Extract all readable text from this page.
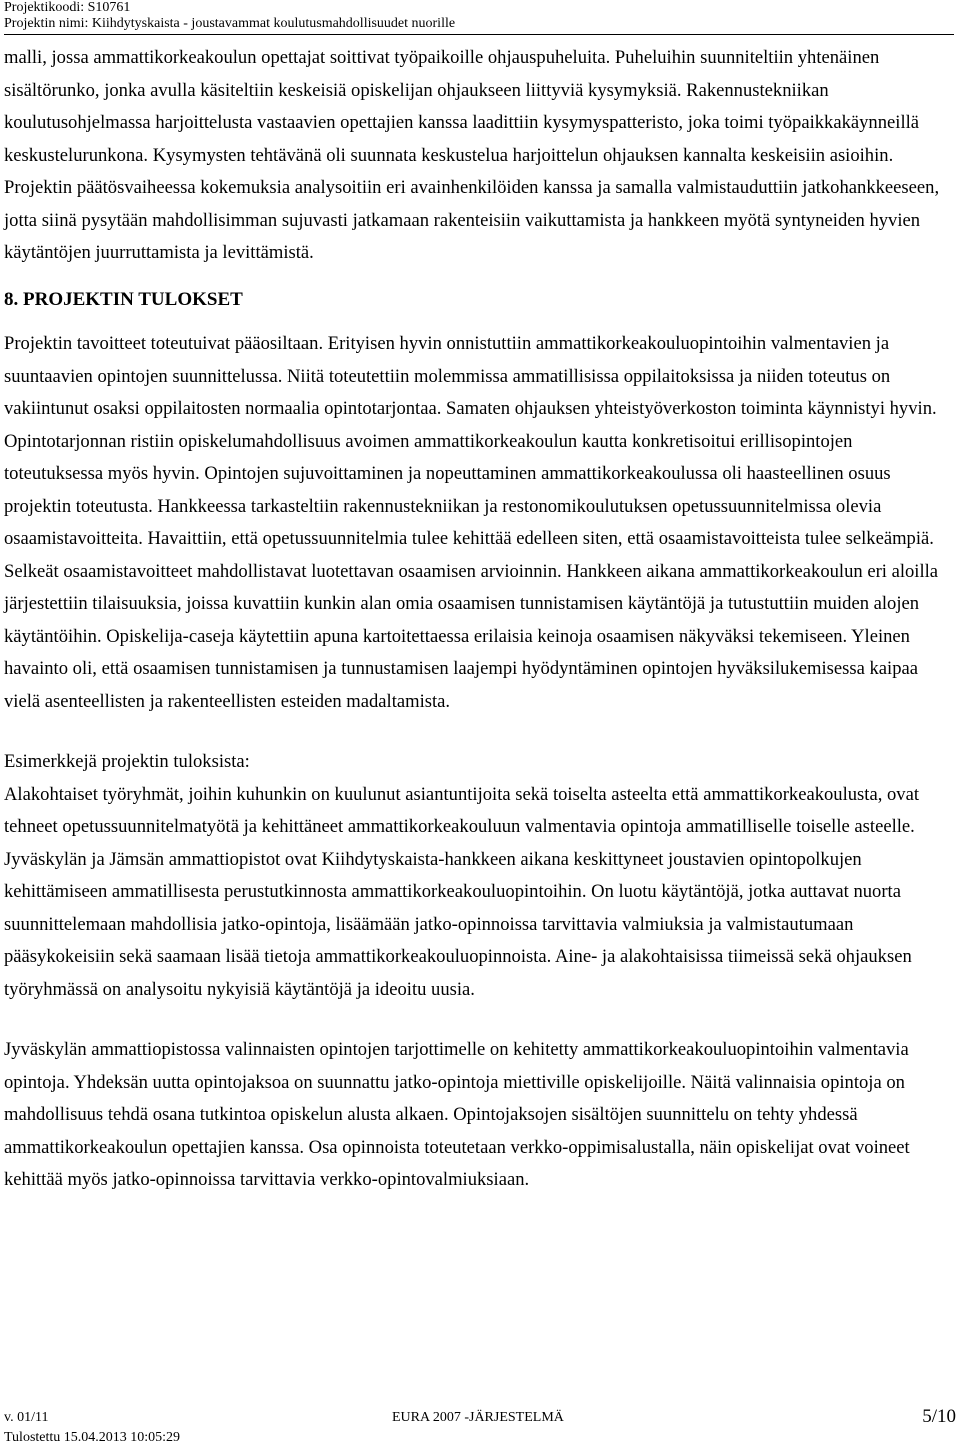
Projektikoodi: S10761
Projektin nimi: Kiihdytyskaista - joustavammat koulutusmahdollisuudet nuorille

malli, jossa ammattikorkeakoulun opettajat soittivat työpaikoille ohjauspuheluita. Puheluihin suunniteltiin yhtenäinen sisältörunko, jonka avulla käsiteltiin keskeisiä opiskelijan ohjaukseen liittyviä kysymyksiä. Rakennustekniikan koulutusohjelmassa harjoittelusta vastaavien opettajien kanssa laadittiin kysymyspatteristo, joka toimi työpaikkakäynneillä keskustelurunkona. Kysymysten tehtävänä oli suunnata keskustelua harjoittelun ohjauksen kannalta keskeisiin asioihin.

Projektin päätösvaiheessa kokemuksia analysoitiin eri avainhenkilöiden kanssa ja samalla valmistauduttiin jatkohankkeeseen, jotta siinä pysytään mahdollisimman sujuvasti jatkamaan rakenteisiin vaikuttamista ja hankkeen myötä syntyneiden hyvien käytäntöjen juurruttamista ja levittämistä.

8. PROJEKTIN TULOKSET

Projektin tavoitteet toteutuivat pääosiltaan. Erityisen hyvin onnistuttiin ammattikorkeakouluopintoihin valmentavien ja suuntaavien opintojen suunnittelussa. Niitä toteutettiin molemmissa ammatillisissa oppilaitoksissa ja niiden toteutus on vakiintunut osaksi oppilaitosten normaalia opintotarjontaa. Samaten ohjauksen yhteistyöverkoston toiminta käynnistyi hyvin. Opintotarjonnan ristiin opiskelumahdollisuus avoimen ammattikorkeakoulun kautta konkretisoitui erillisopintojen toteutuksessa myös hyvin. Opintojen sujuvoittaminen ja nopeuttaminen ammattikorkeakoulussa oli haasteellinen osuus projektin toteutusta. Hankkeessa tarkasteltiin rakennustekniikan ja restonomikoulutuksen opetussuunnitelmissa olevia osaamistavoitteita. Havaittiin, että opetussuunnitelmia tulee kehittää edelleen siten, että osaamistavoitteista tulee selkeämpiä. Selkeät osaamistavoitteet mahdollistavat luotettavan osaamisen arvioinnin. Hankkeen aikana ammattikorkeakoulun eri aloilla järjestettiin tilaisuuksia, joissa kuvattiin kunkin alan omia osaamisen tunnistamisen käytäntöjä ja tutustuttiin muiden alojen käytäntöihin. Opiskelija-caseja käytettiin apuna kartoitettaessa erilaisia keinoja osaamisen näkyväksi tekemiseen. Yleinen havainto oli, että osaamisen tunnistamisen ja tunnustamisen laajempi hyödyntäminen opintojen hyväksilukemisessa kaipaa vielä asenteellisten ja rakenteellisten esteiden madaltamista.

Esimerkkejä projektin tuloksista:

Alakohtaiset työryhmät, joihin kuhunkin on kuulunut asiantuntijoita sekä toiselta asteelta että ammattikorkeakoulusta, ovat tehneet opetussuunnitelmatyötä ja kehittäneet ammattikorkeakouluun valmentavia opintoja ammatilliselle toiselle asteelle. Jyväskylän ja Jämsän ammattiopistot ovat Kiihdytyskaista-hankkeen aikana keskittyneet joustavien opintopolkujen kehittämiseen ammatillisesta perustutkinnosta ammattikorkeakouluopintoihin. On luotu käytäntöjä, jotka auttavat nuorta suunnittelemaan mahdollisia jatko-opintoja, lisäämään jatko-opinnoissa tarvittavia valmiuksia ja valmistautumaan pääsykokeisiin sekä saamaan lisää tietoja ammattikorkeakouluopinnoista. Aine- ja alakohtaisissa tiimeissä sekä ohjauksen työryhmässä on analysoitu nykyisiä käytäntöjä ja ideoitu uusia.

Jyväskylän ammattiopistossa valinnaisten opintojen tarjottimelle on kehitetty ammattikorkeakouluopintoihin valmentavia opintoja. Yhdeksän uutta opintojaksoa on suunnattu jatko-opintoja miettiville opiskelijoille. Näitä valinnaisia opintoja on mahdollisuus tehdä osana tutkintoa opiskelun alusta alkaen. Opintojaksojen sisältöjen suunnittelu on tehty yhdessä ammattikorkeakoulun opettajien kanssa. Osa opinnoista toteutetaan verkko-oppimisalustalla, näin opiskelijat ovat voineet kehittää myös jatko-opinnoissa tarvittavia verkko-opintovalmiuksiaan.

v. 01/11
Tulostettu 15.04.2013 10:05:29
EURA 2007 -JÄRJESTELMÄ	5/10
